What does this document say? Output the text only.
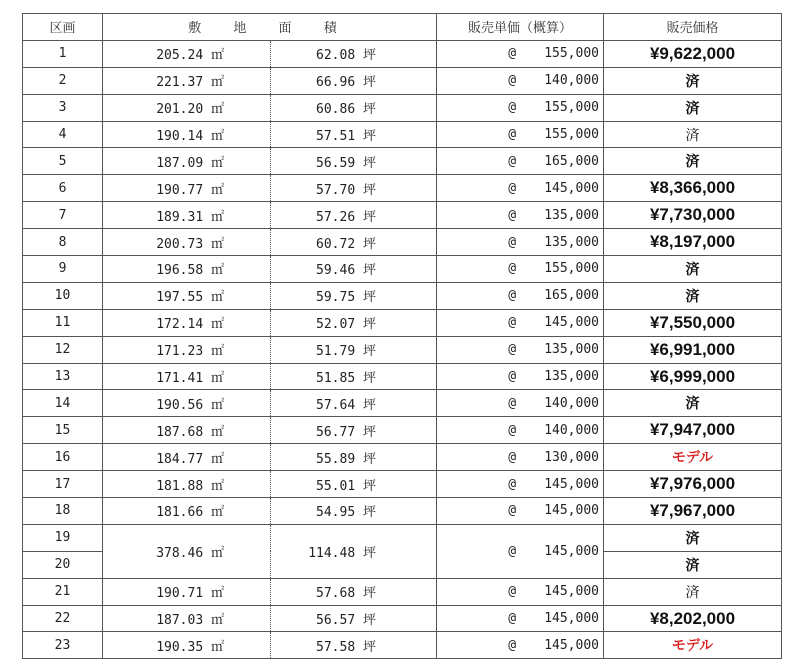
区画	敷 地 面 積		販売単価（概算）	販売価格
1	205.24 ㎡	62.08 坪	@ 155,000	¥9,622,000
2	221.37 ㎡	66.96 坪	@ 140,000	済
3	201.20 ㎡	60.86 坪	@ 155,000	済
4	190.14 ㎡	57.51 坪	@ 155,000	済
5	187.09 ㎡	56.59 坪	@ 165,000	済
6	190.77 ㎡	57.70 坪	@ 145,000	¥8,366,000
7	189.31 ㎡	57.26 坪	@ 135,000	¥7,730,000
8	200.73 ㎡	60.72 坪	@ 135,000	¥8,197,000
9	196.58 ㎡	59.46 坪	@ 155,000	済
10	197.55 ㎡	59.75 坪	@ 165,000	済
11	172.14 ㎡	52.07 坪	@ 145,000	¥7,550,000
12	171.23 ㎡	51.79 坪	@ 135,000	¥6,991,000
13	171.41 ㎡	51.85 坪	@ 135,000	¥6,999,000
14	190.56 ㎡	57.64 坪	@ 140,000	済
15	187.68 ㎡	56.77 坪	@ 140,000	¥7,947,000
16	184.77 ㎡	55.89 坪	@ 130,000	モデル
17	181.88 ㎡	55.01 坪	@ 145,000	¥7,976,000
18	181.66 ㎡	54.95 坪	@ 145,000	¥7,967,000
19	378.46 ㎡	114.48 坪	@ 145,000	済
20				済
21	190.71 ㎡	57.68 坪	@ 145,000	済
22	187.03 ㎡	56.57 坪	@ 145,000	¥8,202,000
23	190.35 ㎡	57.58 坪	@ 145,000	モデル
